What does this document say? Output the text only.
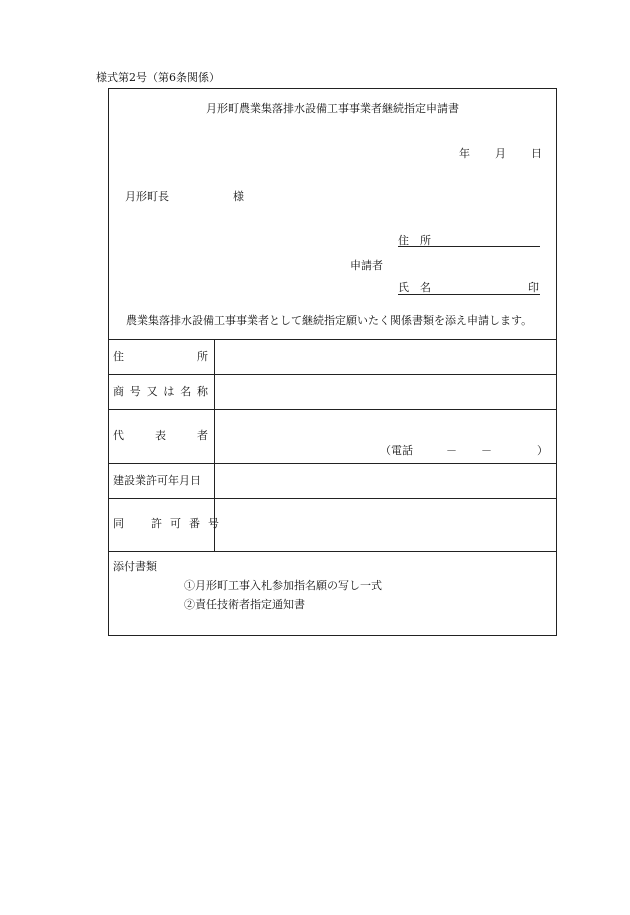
様式第2号（第6条関係）
月形町農業集落排水設備工事事業者継続指定申請書
年 月 日
月形町長	様
住　所
申請者
氏　名	印
農業集落排水設備工事事業者として継続指定願いたく関係書類を添え申請します。
住	所
商 号 又 は 名 称
代	表	者
（電話	－ －	）
建設業許可年月日
同 許 可 番 号
添付書類
①月形町工事入札参加指名願の写し一式
②責任技術者指定通知書
